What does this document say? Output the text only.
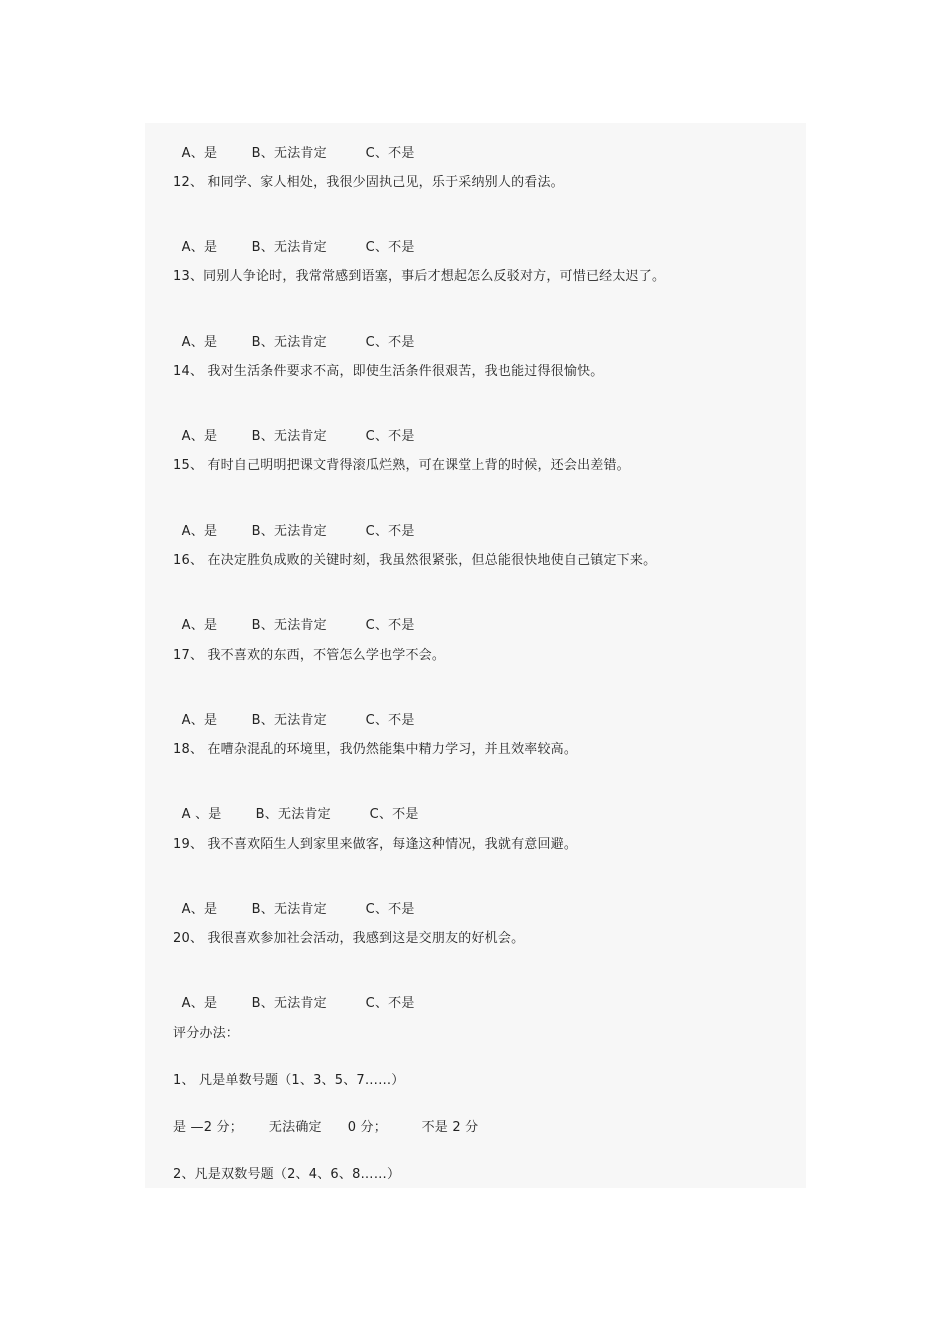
A、是	B、无法肯定	C、不是

12、 和同学、家人相处，我很少固执己见，乐于采纳别人的看法。

A、是	B、无法肯定	C、不是

13、同别人争论时，我常常感到语塞，事后才想起怎么反驳对方，可惜已经太迟了。

A、是	B、无法肯定	C、不是

14、 我对生活条件要求不高，即使生活条件很艰苦，我也能过得很愉快。

A、是	B、无法肯定	C、不是

15、 有时自己明明把课文背得滚瓜烂熟，可在课堂上背的时候，还会出差错。

A、是	B、无法肯定	C、不是

16、 在决定胜负成败的关键时刻，我虽然很紧张，但总能很快地使自己镇定下来。

A、是	B、无法肯定	C、不是

17、 我不喜欢的东西，不管怎么学也学不会。

A、是	B、无法肯定	C、不是

18、 在嘈杂混乱的环境里，我仍然能集中精力学习，并且效率较高。

A 、是	B、无法肯定	C、不是

19、 我不喜欢陌生人到家里来做客，每逢这种情况，我就有意回避。

A、是	B、无法肯定	C、不是

20、 我很喜欢参加社会活动，我感到这是交朋友的好机会。

A、是	B、无法肯定	C、不是

评分办法：
1、 凡是单数号题（1、3、5、7……）
是 —2 分；      无法确定      0 分；        不是 2 分
2、凡是双数号题（2、4、6、8……）
